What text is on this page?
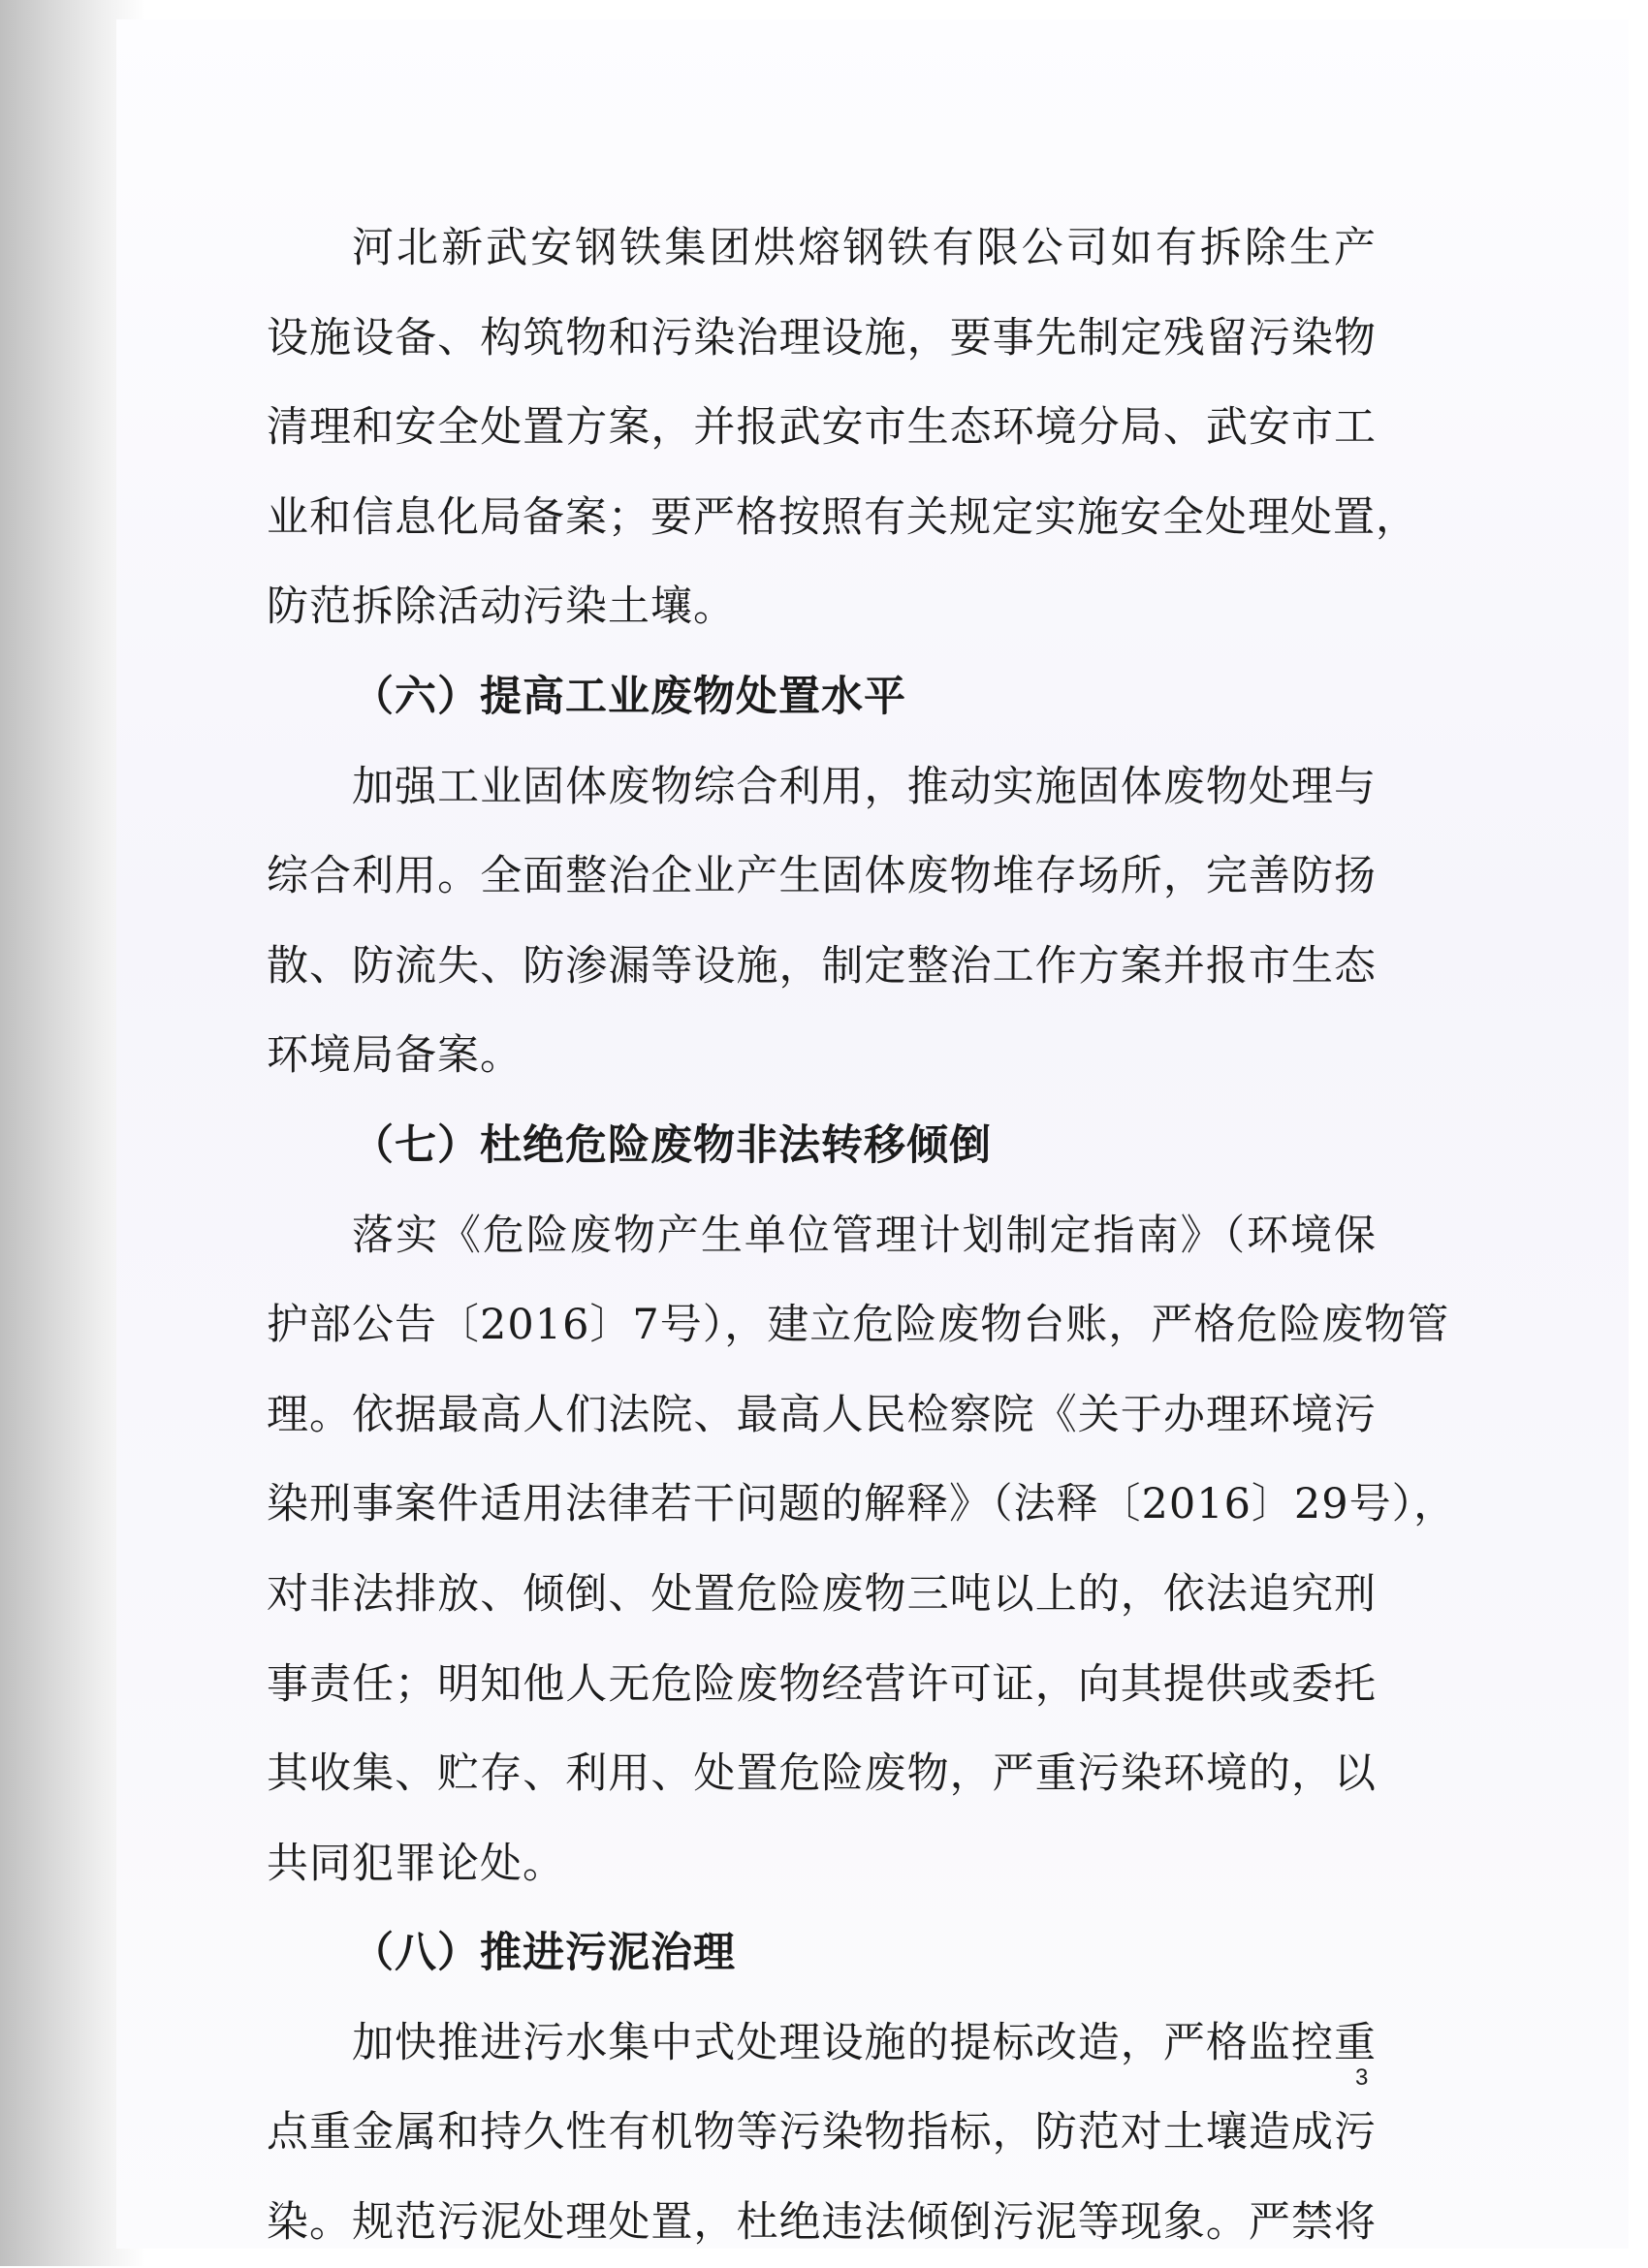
河北新武安钢铁集团烘熔钢铁有限公司如有拆除生产
设施设备、构筑物和污染治理设施，要事先制定残留污染物
清理和安全处置方案，并报武安市生态环境分局、武安市工
业和信息化局备案；要严格按照有关规定实施安全处理处置，
防范拆除活动污染土壤。
（六）提高工业废物处置水平
加强工业固体废物综合利用，推动实施固体废物处理与
综合利用。全面整治企业产生固体废物堆存场所，完善防扬
散、防流失、防渗漏等设施，制定整治工作方案并报市生态
环境局备案。
（七）杜绝危险废物非法转移倾倒
落实《危险废物产生单位管理计划制定指南》（环境保
护部公告〔2016〕7号），建立危险废物台账，严格危险废物管
理。依据最高人们法院、最高人民检察院《关于办理环境污
染刑事案件适用法律若干问题的解释》（法释〔2016〕29号），
对非法排放、倾倒、处置危险废物三吨以上的，依法追究刑
事责任；明知他人无危险废物经营许可证，向其提供或委托
其收集、贮存、利用、处置危险废物，严重污染环境的，以
共同犯罪论处。
（八）推进污泥治理
加快推进污水集中式处理设施的提标改造，严格监控重
点重金属和持久性有机物等污染物指标，防范对土壤造成污
染。规范污泥处理处置，杜绝违法倾倒污泥等现象。严禁将
3
